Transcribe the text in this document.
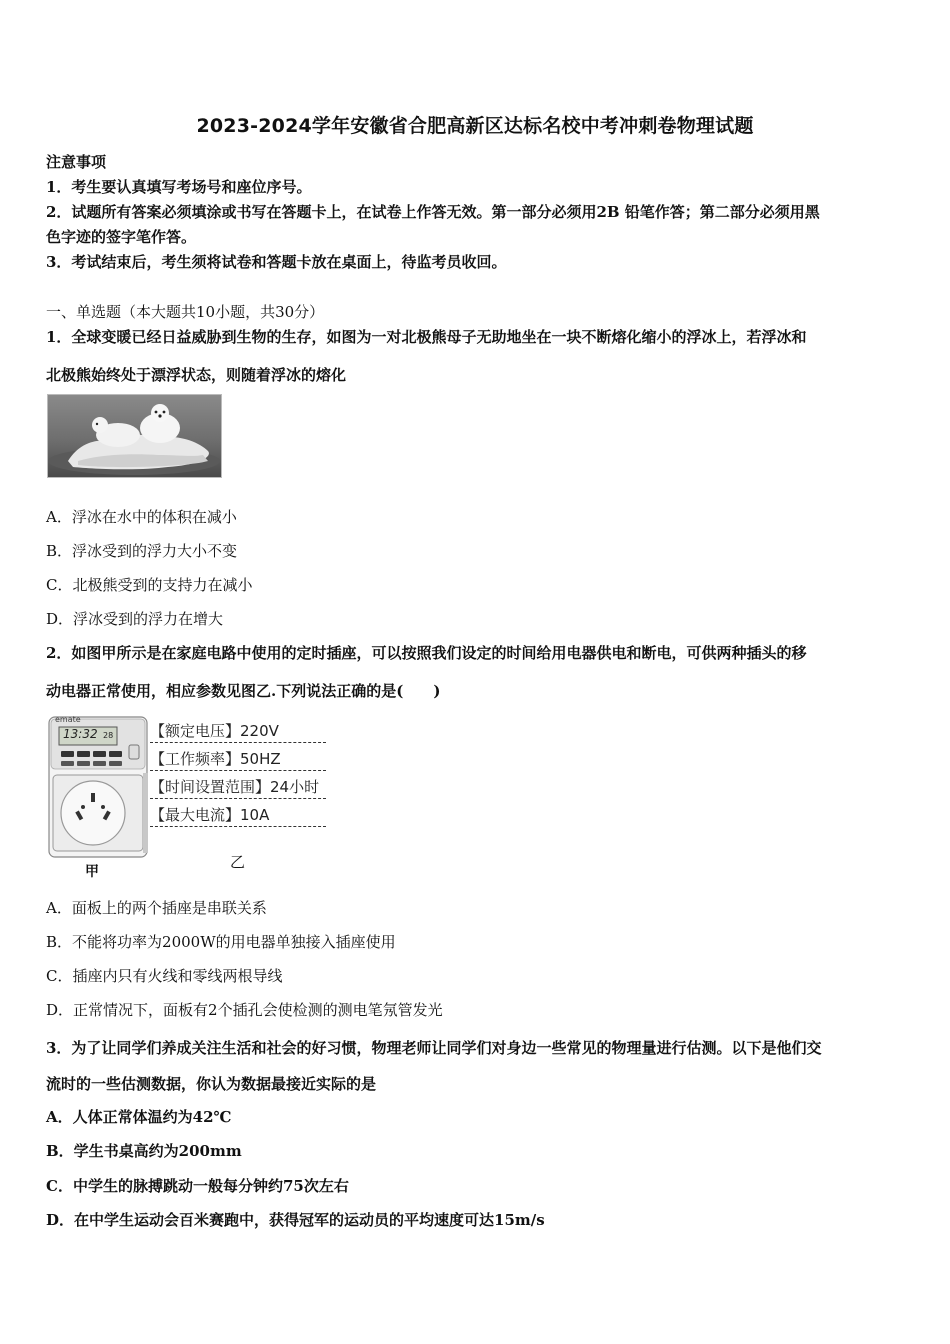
2023-2024学年安徽省合肥高新区达标名校中考冲刺卷物理试题
注意事项
1．考生要认真填写考场号和座位序号。
2．试题所有答案必须填涂或书写在答题卡上，在试卷上作答无效。第一部分必须用2B 铅笔作答；第二部分必须用黑
色字迹的签字笔作答。
3．考试结束后，考生须将试卷和答题卡放在桌面上，待监考员收回。
一、单选题（本大题共10小题，共30分）
1．全球变暖已经日益威胁到生物的生存，如图为一对北极熊母子无助地坐在一块不断熔化缩小的浮冰上，若浮冰和
北极熊始终处于漂浮状态，则随着浮冰的熔化
A．浮冰在水中的体积在减小
B．浮冰受到的浮力大小不变
C．北极熊受到的支持力在减小
D．浮冰受到的浮力在增大
2．如图甲所示是在家庭电路中使用的定时插座，可以按照我们设定的时间给用电器供电和断电，可供两种插头的移
动电器正常使用，相应参数见图乙.下列说法正确的是(　　)
emate
13:32 28 【额定电压】220V
【工作频率】50HZ
【时间设置范围】24小时
【最大电流】10A
甲
乙
A．面板上的两个插座是串联关系
B．不能将功率为2000W的用电器单独接入插座使用
C．插座内只有火线和零线两根导线
D．正常情况下，面板有2个插孔会使检测的测电笔氖管发光
3．为了让同学们养成关注生活和社会的好习惯，物理老师让同学们对身边一些常见的物理量进行估测。以下是他们交
流时的一些估测数据，你认为数据最接近实际的是
A．人体正常体温约为42℃
B．学生书桌高约为200mm
C．中学生的脉搏跳动一般每分钟约75次左右
D．在中学生运动会百米赛跑中，获得冠军的运动员的平均速度可达15m/s
